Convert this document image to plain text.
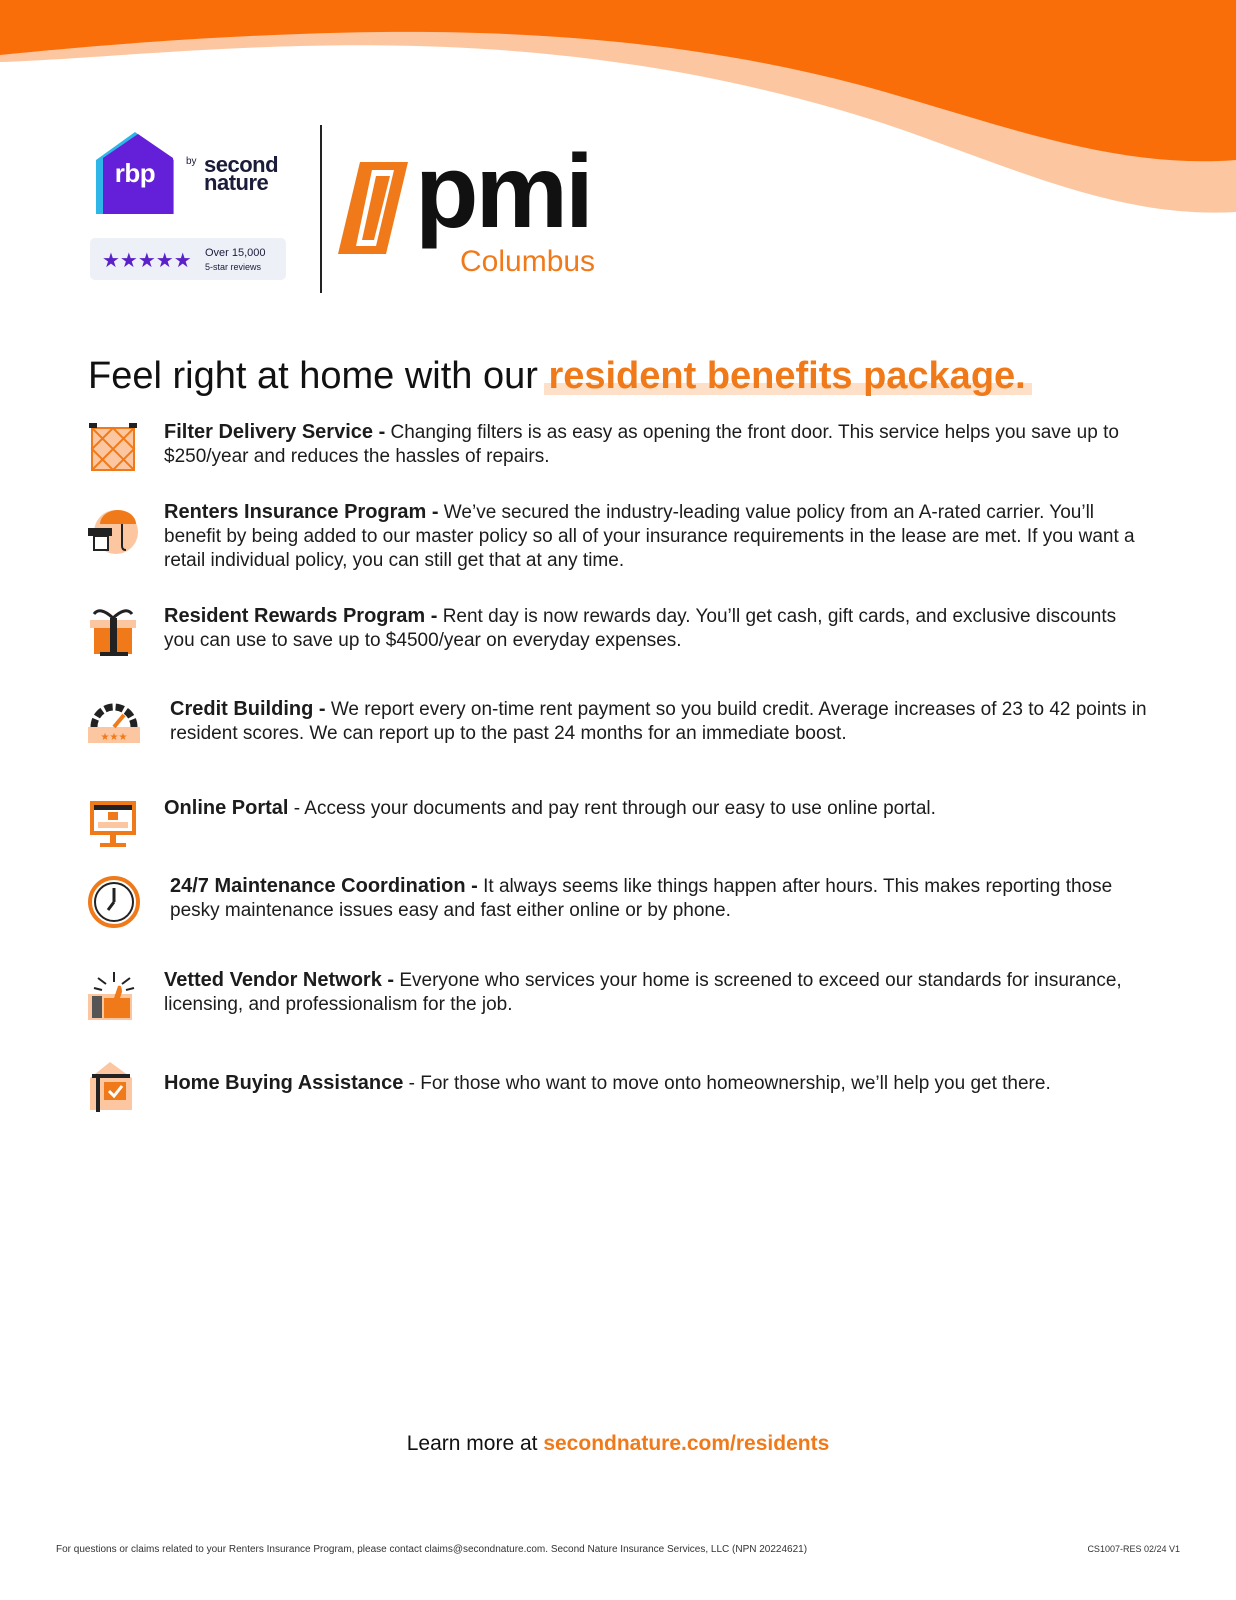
rbp	$^{by}$ second
nature
★★★★★ Over 15,000
5-star reviews
pmi
Columbus
Feel right at home with our resident benefits package.
Filter Delivery Service - Changing filters is as easy as opening the front door. This service helps you save up to $250/year and reduces the hassles of repairs.
Renters Insurance Program - We’ve secured the industry-leading value policy from an A-rated carrier. You’ll benefit by being added to our master policy so all of your insurance requirements in the lease are met. If you want a retail individual policy, you can still get that at any time.
Resident Rewards Program - Rent day is now rewards day. You’ll get cash, gift cards, and exclusive discounts you can use to save up to $4500/year on everyday expenses.
★★★
Credit Building - We report every on-time rent payment so you build credit. Average increases of 23 to 42 points in resident scores. We can report up to the past 24 months for an immediate boost.
Online Portal - Access your documents and pay rent through our easy to use online portal.
24/7 Maintenance Coordination - It always seems like things happen after hours. This makes reporting those pesky maintenance issues easy and fast either online or by phone.
Vetted Vendor Network - Everyone who services your home is screened to exceed our standards for insurance, licensing, and professionalism for the job.
Home Buying Assistance - For those who want to move onto homeownership, we’ll help you get there.
Learn more at secondnature.com/residents
For questions or claims related to your Renters Insurance Program, please contact claims@secondnature.com. Second Nature Insurance Services, LLC (NPN 20224621)	CS1007-RES 02/24 V1
